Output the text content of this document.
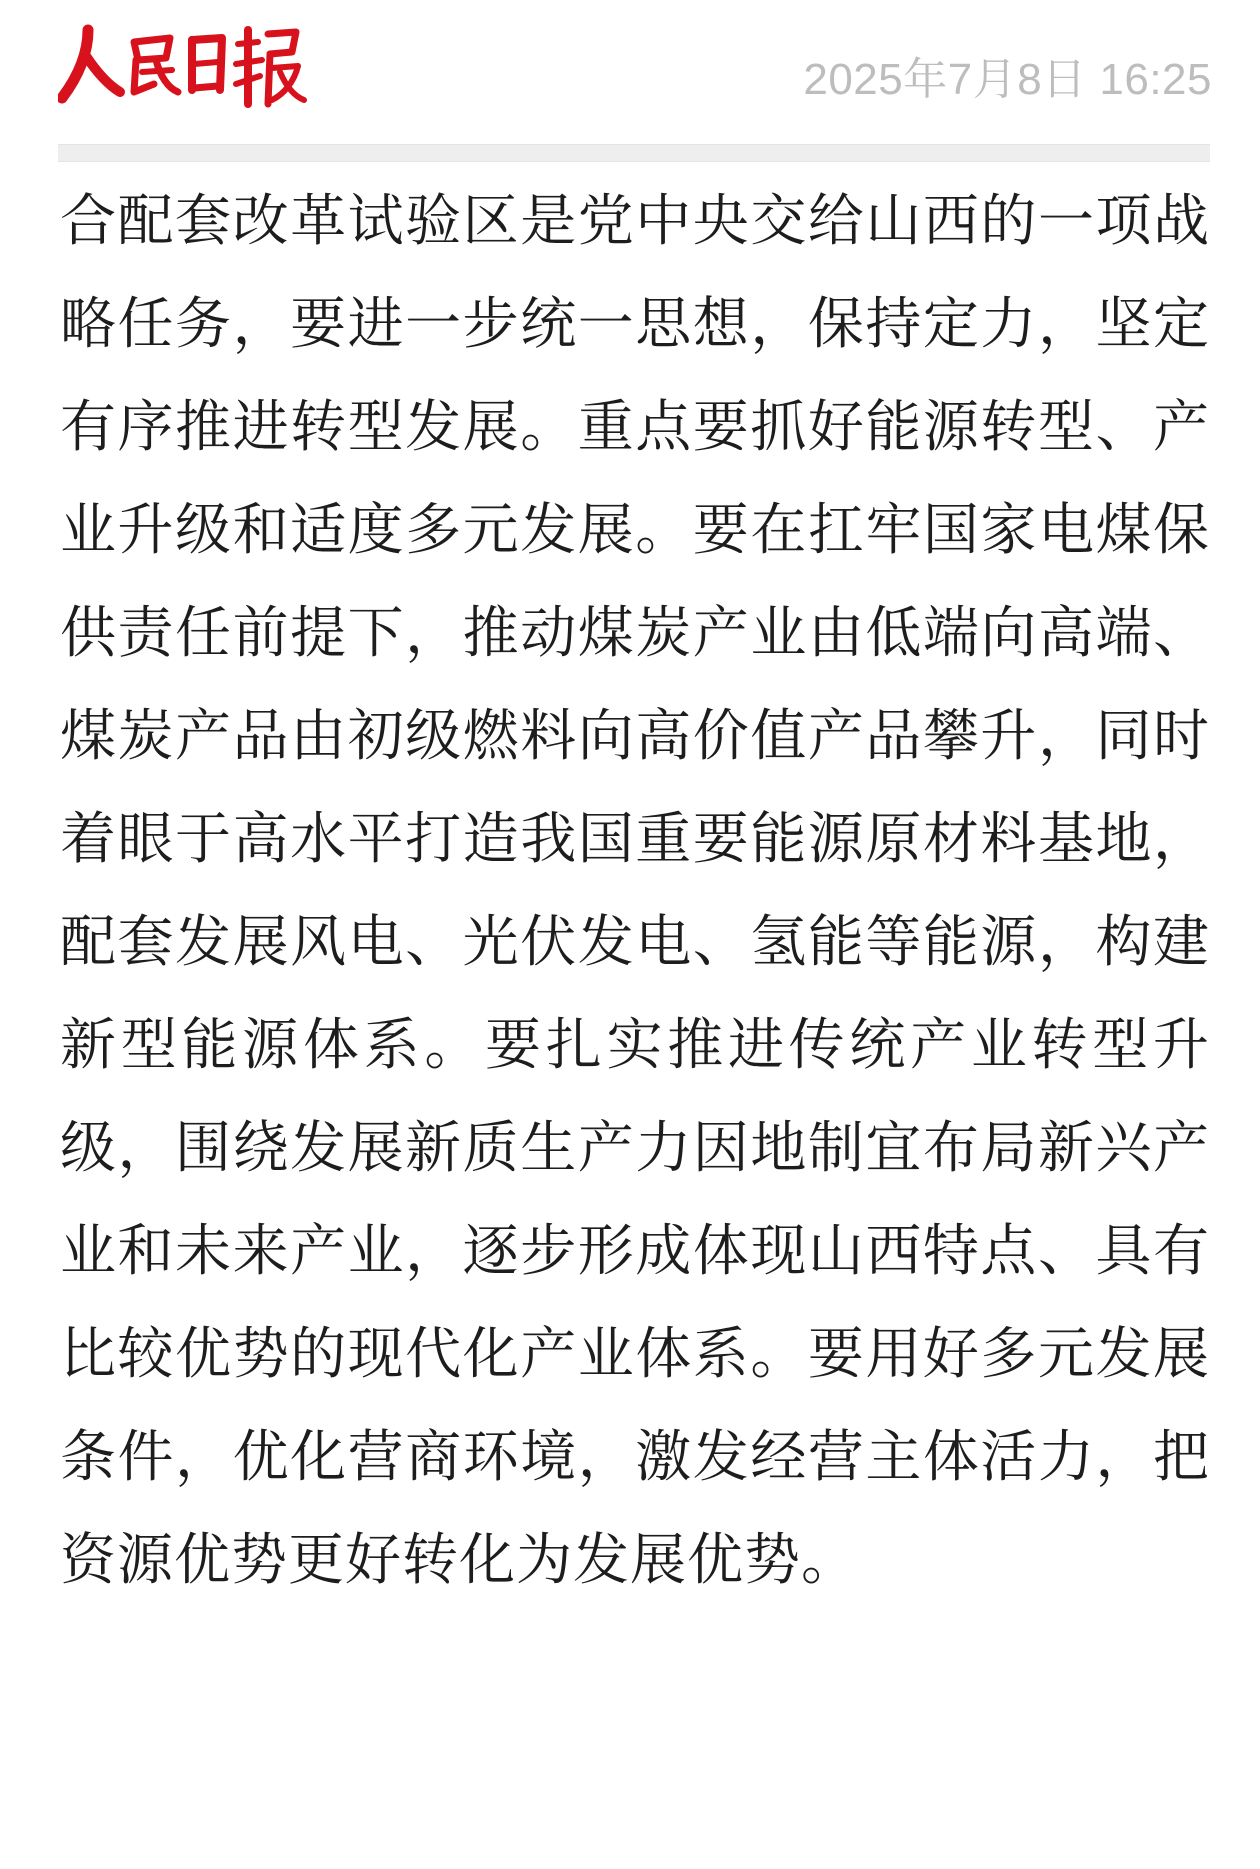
2025年7月8日 16:25

合配套改革试验区是党中央交给山西的一项战略任务，要进一步统一思想，保持定力，坚定有序推进转型发展。重点要抓好能源转型、产业升级和适度多元发展。要在扛牢国家电煤保供责任前提下，推动煤炭产业由低端向高端、煤炭产品由初级燃料向高价值产品攀升，同时着眼于高水平打造我国重要能源原材料基地，配套发展风电、光伏发电、氢能等能源，构建新型能源体系。要扎实推进传统产业转型升级，围绕发展新质生产力因地制宜布局新兴产业和未来产业，逐步形成体现山西特点、具有比较优势的现代化产业体系。要用好多元发展条件，优化营商环境，激发经营主体活力，把资源优势更好转化为发展优势。
